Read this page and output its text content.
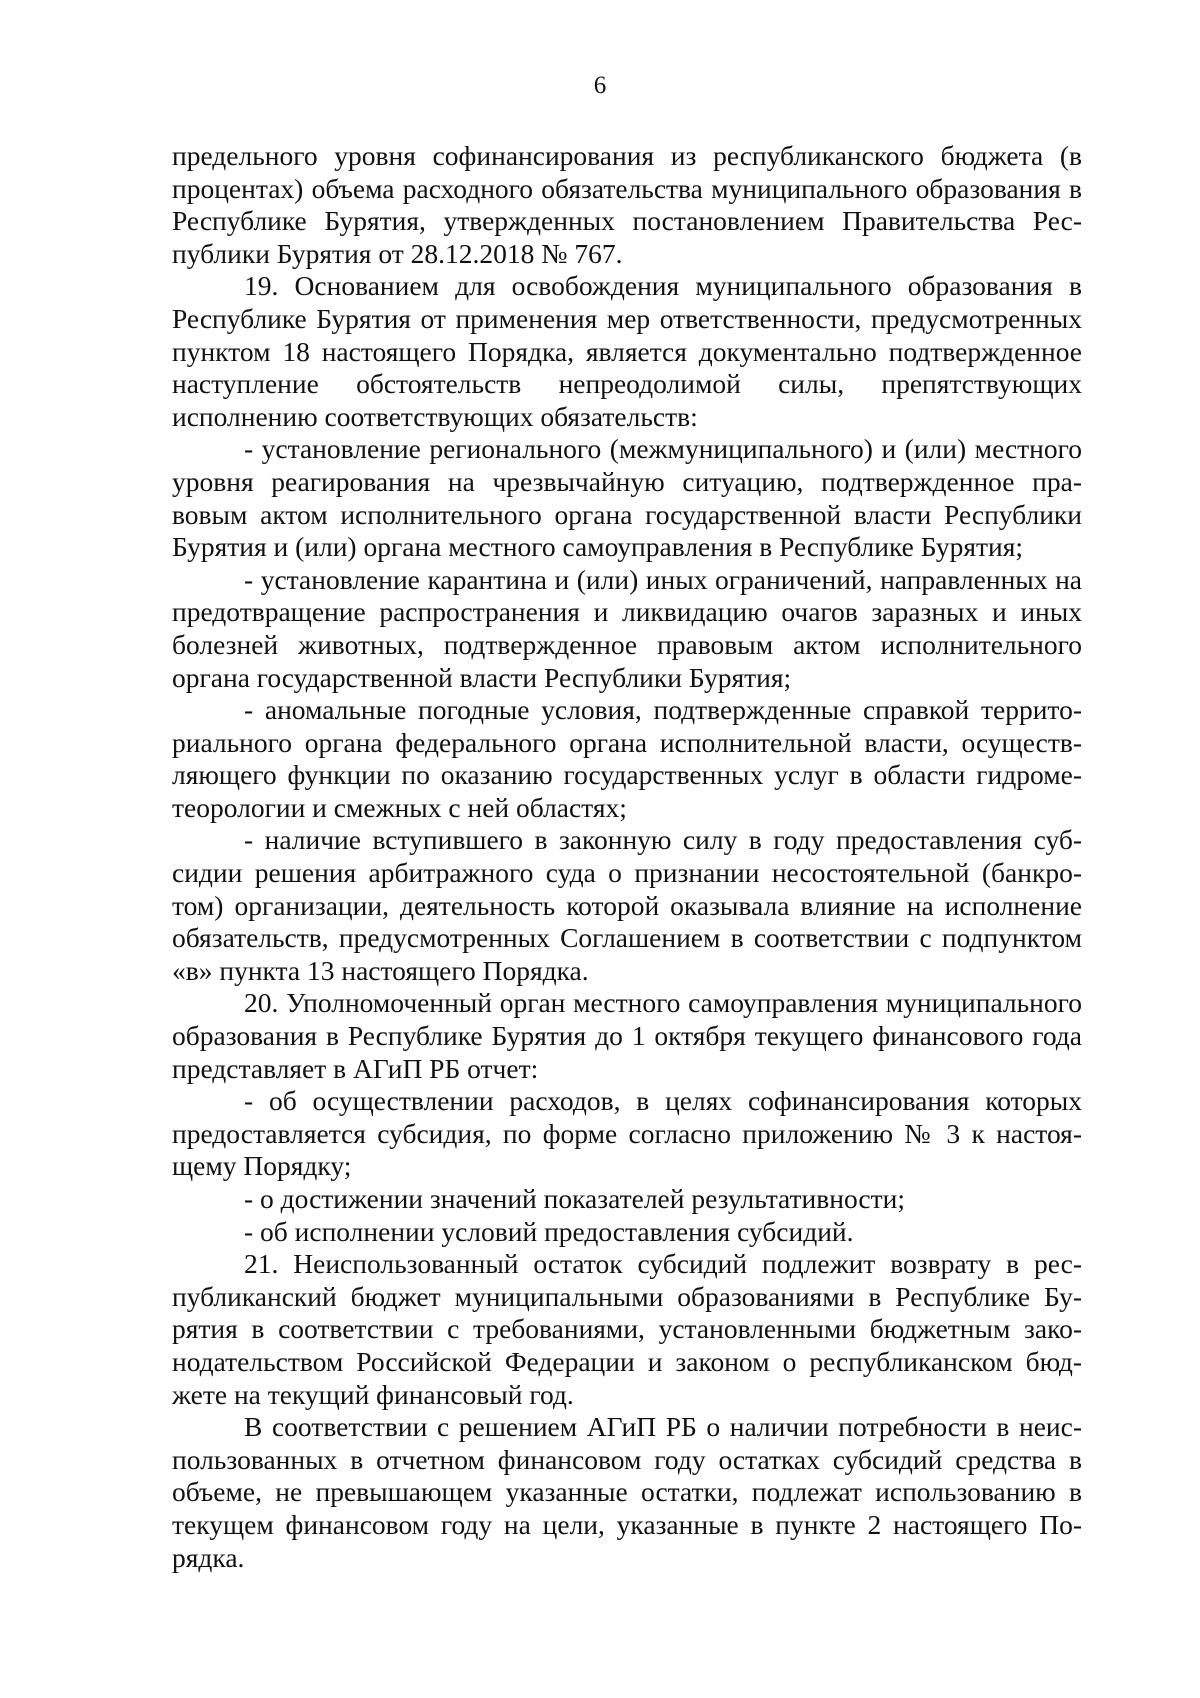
6

предельного уровня софинансирования из республиканского бюджета (в процентах) объема расходного обязательства муниципального образования в Республике Бурятия, утвержденных постановлением Правительства Республики Бурятия от 28.12.2018 № 767.

19. Основанием для освобождения муниципального образования в Республике Бурятия от применения мер ответственности, предусмотренных пунктом 18 настоящего Порядка, является документально подтвержденное наступление обстоятельств непреодолимой силы, препятствующих исполнению соответствующих обязательств:

- установление регионального (межмуниципального) и (или) местного уровня реагирования на чрезвычайную ситуацию, подтвержденное правовым актом исполнительного органа государственной власти Республики Бурятия и (или) органа местного самоуправления в Республике Бурятия;

- установление карантина и (или) иных ограничений, направленных на предотвращение распространения и ликвидацию очагов заразных и иных болезней животных, подтвержденное правовым актом исполнительного органа государственной власти Республики Бурятия;

- аномальные погодные условия, подтвержденные справкой территориального органа федерального органа исполнительной власти, осуществляющего функции по оказанию государственных услуг в области гидрометеорологии и смежных с ней областях;

- наличие вступившего в законную силу в году предоставления субсидии решения арбитражного суда о признании несостоятельной (банкротом) организации, деятельность которой оказывала влияние на исполнение обязательств, предусмотренных Соглашением в соответствии с подпунктом «в» пункта 13 настоящего Порядка.

20. Уполномоченный орган местного самоуправления муниципального образования в Республике Бурятия до 1 октября текущего финансового года представляет в АГиП РБ отчет:

- об осуществлении расходов, в целях софинансирования которых предоставляется субсидия, по форме согласно приложению № 3 к настоящему Порядку;

- о достижении значений показателей результативности;

- об исполнении условий предоставления субсидий.

21. Неиспользованный остаток субсидий подлежит возврату в республиканский бюджет муниципальными образованиями в Республике Бурятия в соответствии с требованиями, установленными бюджетным законодательством Российской Федерации и законом о республиканском бюджете на текущий финансовый год.

В соответствии с решением АГиП РБ о наличии потребности в неиспользованных в отчетном финансовом году остатках субсидий средства в объеме, не превышающем указанные остатки, подлежат использованию в текущем финансовом году на цели, указанные в пункте 2 настоящего Порядка.
